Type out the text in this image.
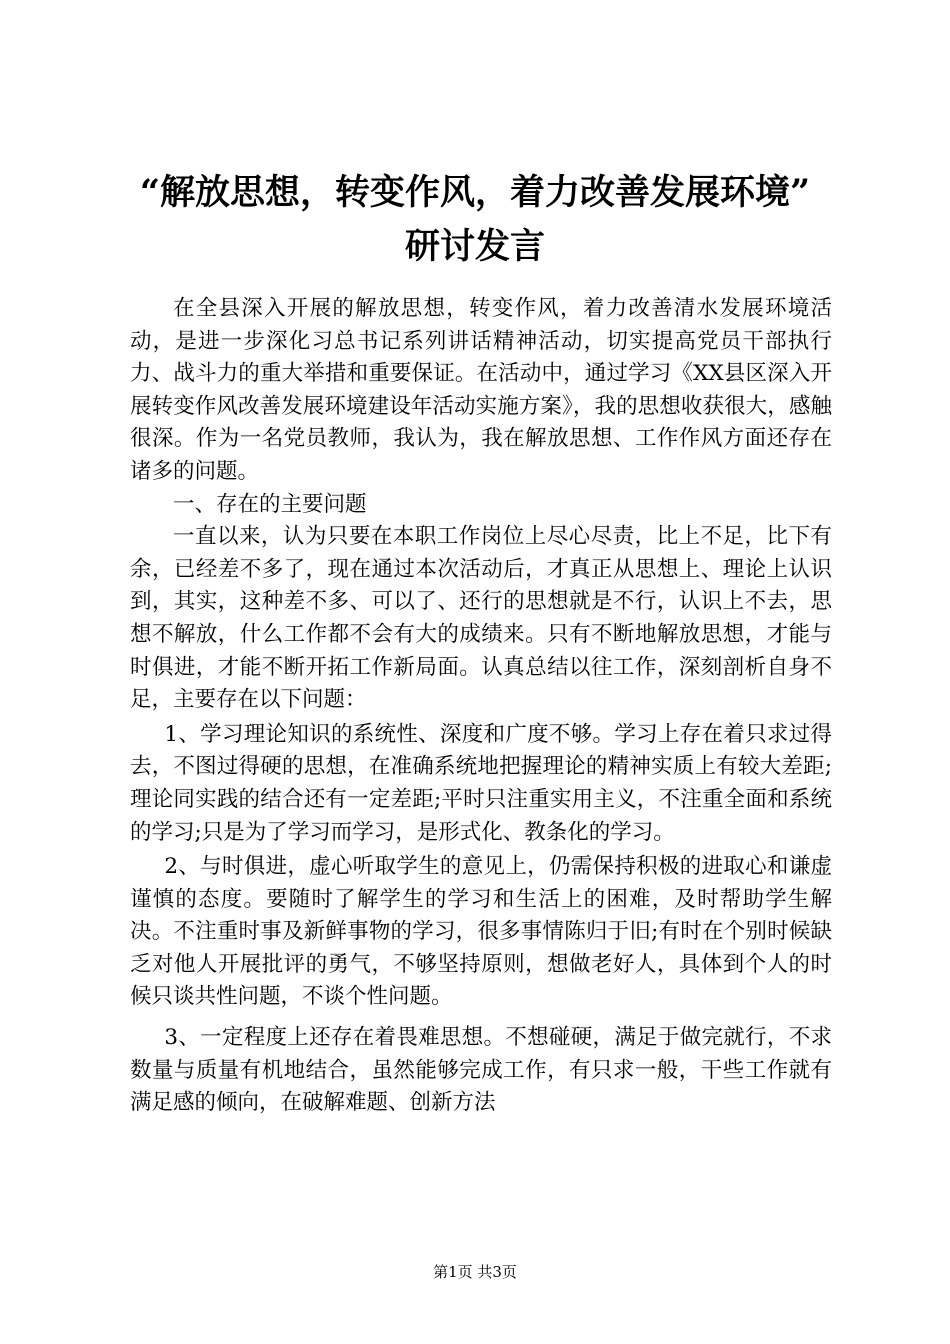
“解放思想，转变作风，着力改善发展环境”
研讨发言

在全县深入开展的解放思想，转变作风，着力改善清水发展环境活动，是进一步深化习总书记系列讲话精神活动，切实提高党员干部执行力、战斗力的重大举措和重要保证。在活动中，通过学习《XX县区深入开展转变作风改善发展环境建设年活动实施方案》，我的思想收获很大，感触很深。作为一名党员教师，我认为，我在解放思想、工作作风方面还存在诸多的问题。

一、存在的主要问题

一直以来，认为只要在本职工作岗位上尽心尽责，比上不足，比下有余，已经差不多了，现在通过本次活动后，才真正从思想上、理论上认识到，其实，这种差不多、可以了、还行的思想就是不行，认识上不去，思想不解放，什么工作都不会有大的成绩来。只有不断地解放思想，才能与时俱进，才能不断开拓工作新局面。认真总结以往工作，深刻剖析自身不足，主要存在以下问题：

1、学习理论知识的系统性、深度和广度不够。学习上存在着只求过得去，不图过得硬的思想，在准确系统地把握理论的精神实质上有较大差距;理论同实践的结合还有一定差距;平时只注重实用主义，不注重全面和系统的学习;只是为了学习而学习，是形式化、教条化的学习。

2、与时俱进，虚心听取学生的意见上，仍需保持积极的进取心和谦虚谨慎的态度。要随时了解学生的学习和生活上的困难，及时帮助学生解决。不注重时事及新鲜事物的学习，很多事情陈归于旧;有时在个别时候缺乏对他人开展批评的勇气，不够坚持原则，想做老好人，具体到个人的时候只谈共性问题，不谈个性问题。

3、一定程度上还存在着畏难思想。不想碰硬，满足于做完就行，不求数量与质量有机地结合，虽然能够完成工作，有只求一般，干些工作就有满足感的倾向，在破解难题、创新方法

第1页 共3页
